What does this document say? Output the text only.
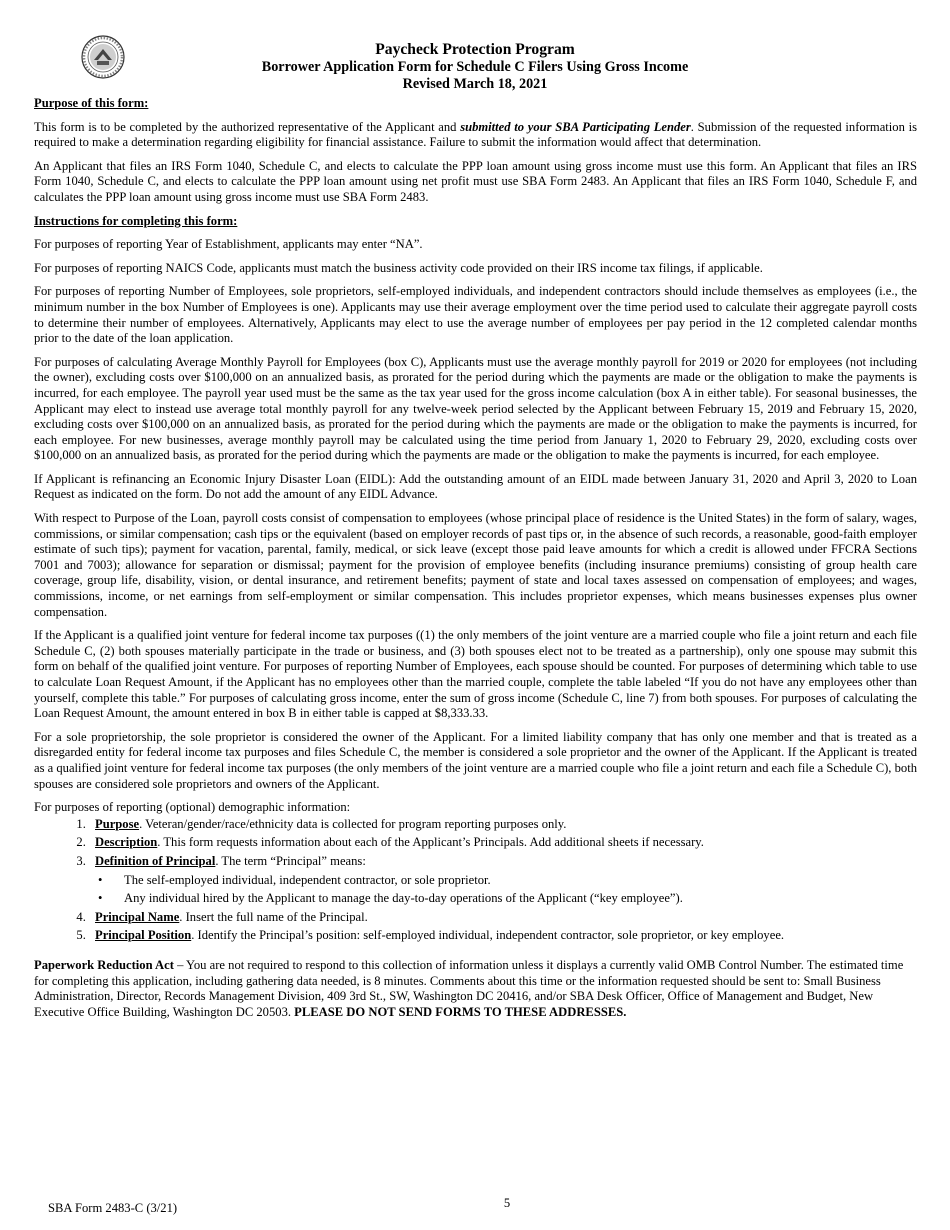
Paycheck Protection Program
Borrower Application Form for Schedule C Filers Using Gross Income
Revised March 18, 2021
Purpose of this form:

This form is to be completed by the authorized representative of the Applicant and submitted to your SBA Participating Lender. Submission of the requested information is required to make a determination regarding eligibility for financial assistance. Failure to submit the information would affect that determination.

An Applicant that files an IRS Form 1040, Schedule C, and elects to calculate the PPP loan amount using gross income must use this form. An Applicant that files an IRS Form 1040, Schedule C, and elects to calculate the PPP loan amount using net profit must use SBA Form 2483. An Applicant that files an IRS Form 1040, Schedule F, and calculates the PPP loan amount using gross income must use SBA Form 2483.

Instructions for completing this form:

For purposes of reporting Year of Establishment, applicants may enter “NA”.

For purposes of reporting NAICS Code, applicants must match the business activity code provided on their IRS income tax filings, if applicable.

For purposes of reporting Number of Employees, sole proprietors, self-employed individuals, and independent contractors should include themselves as employees (i.e., the minimum number in the box Number of Employees is one). Applicants may use their average employment over the time period used to calculate their aggregate payroll costs to determine their number of employees. Alternatively, Applicants may elect to use the average number of employees per pay period in the 12 completed calendar months prior to the date of the loan application.

For purposes of calculating Average Monthly Payroll for Employees (box C), Applicants must use the average monthly payroll for 2019 or 2020 for employees (not including the owner), excluding costs over $100,000 on an annualized basis, as prorated for the period during which the payments are made or the obligation to make the payments is incurred, for each employee. The payroll year used must be the same as the tax year used for the gross income calculation (box A in either table). For seasonal businesses, the Applicant may elect to instead use average total monthly payroll for any twelve-week period selected by the Applicant between February 15, 2019 and February 15, 2020, excluding costs over $100,000 on an annualized basis, as prorated for the period during which the payments are made or the obligation to make the payments is incurred, for each employee. For new businesses, average monthly payroll may be calculated using the time period from January 1, 2020 to February 29, 2020, excluding costs over $100,000 on an annualized basis, as prorated for the period during which the payments are made or the obligation to make the payments is incurred, for each employee.

If Applicant is refinancing an Economic Injury Disaster Loan (EIDL): Add the outstanding amount of an EIDL made between January 31, 2020 and April 3, 2020 to Loan Request as indicated on the form. Do not add the amount of any EIDL Advance.

With respect to Purpose of the Loan, payroll costs consist of compensation to employees (whose principal place of residence is the United States) in the form of salary, wages, commissions, or similar compensation; cash tips or the equivalent (based on employer records of past tips or, in the absence of such records, a reasonable, good-faith employer estimate of such tips); payment for vacation, parental, family, medical, or sick leave (except those paid leave amounts for which a credit is allowed under FFCRA Sections 7001 and 7003); allowance for separation or dismissal; payment for the provision of employee benefits (including insurance premiums) consisting of group health care coverage, group life, disability, vision, or dental insurance, and retirement benefits; payment of state and local taxes assessed on compensation of employees; and wages, commissions, income, or net earnings from self-employment or similar compensation. This includes proprietor expenses, which means businesses expenses plus owner compensation.

If the Applicant is a qualified joint venture for federal income tax purposes ((1) the only members of the joint venture are a married couple who file a joint return and each file Schedule C, (2) both spouses materially participate in the trade or business, and (3) both spouses elect not to be treated as a partnership), only one spouse may submit this form on behalf of the qualified joint venture. For purposes of reporting Number of Employees, each spouse should be counted. For purposes of determining which table to use to calculate Loan Request Amount, if the Applicant has no employees other than the married couple, complete the table labeled “If you do not have any employees other than yourself, complete this table.” For purposes of calculating gross income, enter the sum of gross income (Schedule C, line 7) from both spouses. For purposes of calculating the Loan Request Amount, the amount entered in box B in either table is capped at $8,333.33.

For a sole proprietorship, the sole proprietor is considered the owner of the Applicant. For a limited liability company that has only one member and that is treated as a disregarded entity for federal income tax purposes and files Schedule C, the member is considered a sole proprietor and the owner of the Applicant. If the Applicant is treated as a qualified joint venture for federal income tax purposes (the only members of the joint venture are a married couple who file a joint return and each file a Schedule C), both spouses are considered sole proprietors and owners of the Applicant.

For purposes of reporting (optional) demographic information:
1. Purpose. Veteran/gender/race/ethnicity data is collected for program reporting purposes only.
2. Description. This form requests information about each of the Applicant’s Principals. Add additional sheets if necessary.
3. Definition of Principal. The term “Principal” means:
• The self-employed individual, independent contractor, or sole proprietor.
• Any individual hired by the Applicant to manage the day-to-day operations of the Applicant (“key employee”).
4. Principal Name. Insert the full name of the Principal.
5. Principal Position. Identify the Principal’s position: self-employed individual, independent contractor, sole proprietor, or key employee.

Paperwork Reduction Act – You are not required to respond to this collection of information unless it displays a currently valid OMB Control Number. The estimated time for completing this application, including gathering data needed, is 8 minutes. Comments about this time or the information requested should be sent to: Small Business Administration, Director, Records Management Division, 409 3rd St., SW, Washington DC 20416, and/or SBA Desk Officer, Office of Management and Budget, New Executive Office Building, Washington DC 20503. PLEASE DO NOT SEND FORMS TO THESE ADDRESSES.

SBA Form 2483-C (3/21)	5
